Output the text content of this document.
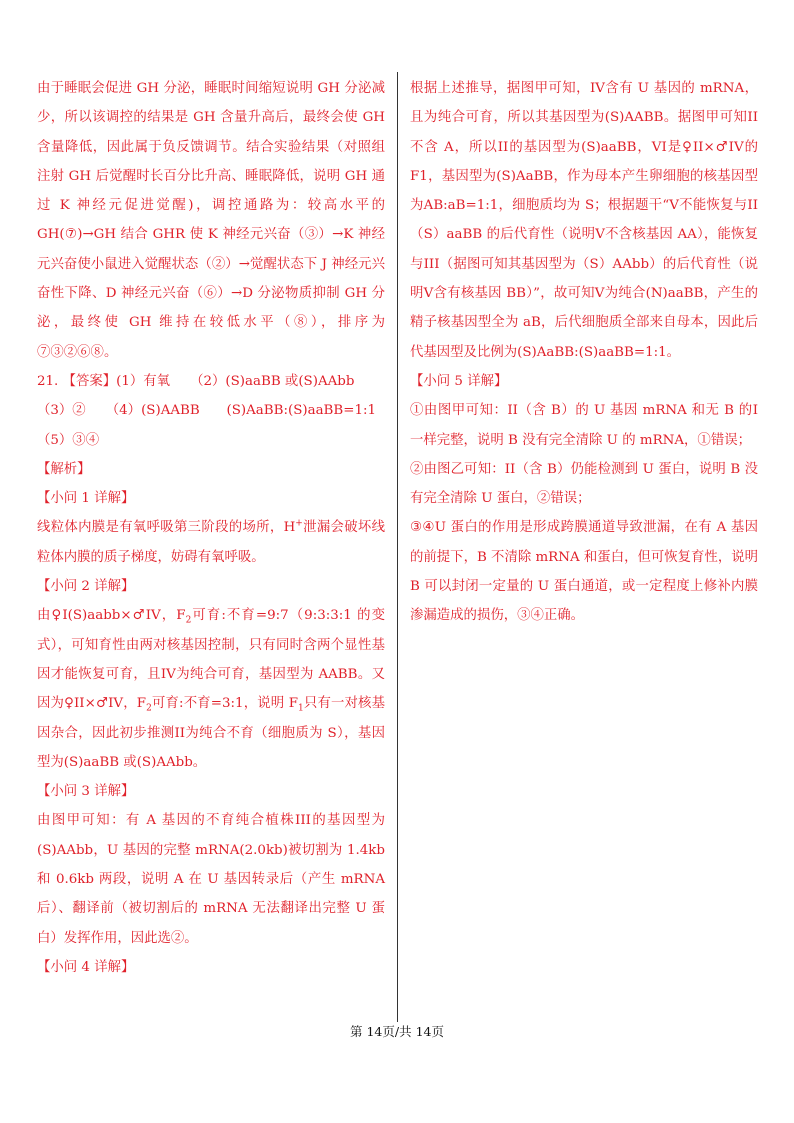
由于睡眠会促进 GH 分泌，睡眠时间缩短说明 GH 分泌减少，所以该调控的结果是 GH 含量升高后，最终会使 GH 含量降低，因此属于负反馈调节。结合实验结果（对照组注射 GH 后觉醒时长百分比升高、睡眠降低，说明 GH 通过 K 神经元促进觉醒)，调控通路为：较高水平的 GH(⑦)→GH 结合 GHR 使 K 神经元兴奋（③）→K 神经元兴奋使小鼠进入觉醒状态（②）→觉醒状态下 J 神经元兴奋性下降、D 神经元兴奋（⑥）→D 分泌物质抑制 GH 分泌，最终使 GH 维持在较低水平（⑧），排序为⑦③②⑥⑧。

21. 【答案】(1）有氧　　（2）(S)aaBB 或(S)AAbb

（3）②　　（4）(S)AABB　　(S)AaBB:(S)aaBB=1:1

（5）③④

【解析】

【小问 1 详解】

线粒体内膜是有氧呼吸第三阶段的场所，H+泄漏会破坏线粒体内膜的质子梯度，妨碍有氧呼吸。

【小问 2 详解】

由♀I(S)aabb×♂IV，$F_2$可育:不育=9:7（9:3:3:1 的变式），可知育性由两对核基因控制，只有同时含两个显性基因才能恢复可育，且IV为纯合可育，基因型为 AABB。又因为♀II×♂IV，$F_2$可育:不育=3:1，说明 $F_1$只有一对核基因杂合，因此初步推测II为纯合不育（细胞质为 S），基因型为(S)aaBB 或(S)AAbb。

【小问 3 详解】

由图甲可知：有 A 基因的不育纯合植株III的基因型为(S)AAbb，U 基因的完整 mRNA(2.0kb)被切割为 1.4kb 和 0.6kb 两段，说明 A 在 U 基因转录后（产生 mRNA 后）、翻译前（被切割后的 mRNA 无法翻译出完整 U 蛋白）发挥作用，因此选②。

【小问 4 详解】

根据上述推导，据图甲可知，IV含有 U 基因的 mRNA，且为纯合可育，所以其基因型为(S)AABB。据图甲可知II不含 A，所以II的基因型为(S)aaBB，VI是♀II×♂IV的 F1，基因型为(S)AaBB，作为母本产生卵细胞的核基因型为AB:aB=1:1，细胞质均为 S；根据题干“V不能恢复与II（S）aaBB 的后代育性（说明V不含核基因 AA），能恢复与III（据图可知其基因型为（S）AAbb）的后代育性（说明V含有核基因 BB）”，故可知V为纯合(N)aaBB，产生的精子核基因型全为 aB，后代细胞质全部来自母本，因此后代基因型及比例为(S)AaBB:(S)aaBB=1:1。

【小问 5 详解】

①由图甲可知：II（含 B）的 U 基因 mRNA 和无 B 的I一样完整，说明 B 没有完全清除 U 的 mRNA，①错误；

②由图乙可知：II（含 B）仍能检测到 U 蛋白，说明 B 没有完全清除 U 蛋白，②错误；

③④U 蛋白的作用是形成跨膜通道导致泄漏，在有 A 基因的前提下，B 不清除 mRNA 和蛋白，但可恢复育性，说明 B 可以封闭一定量的 U 蛋白通道，或一定程度上修补内膜渗漏造成的损伤，③④正确。

第 14页/共 14页
